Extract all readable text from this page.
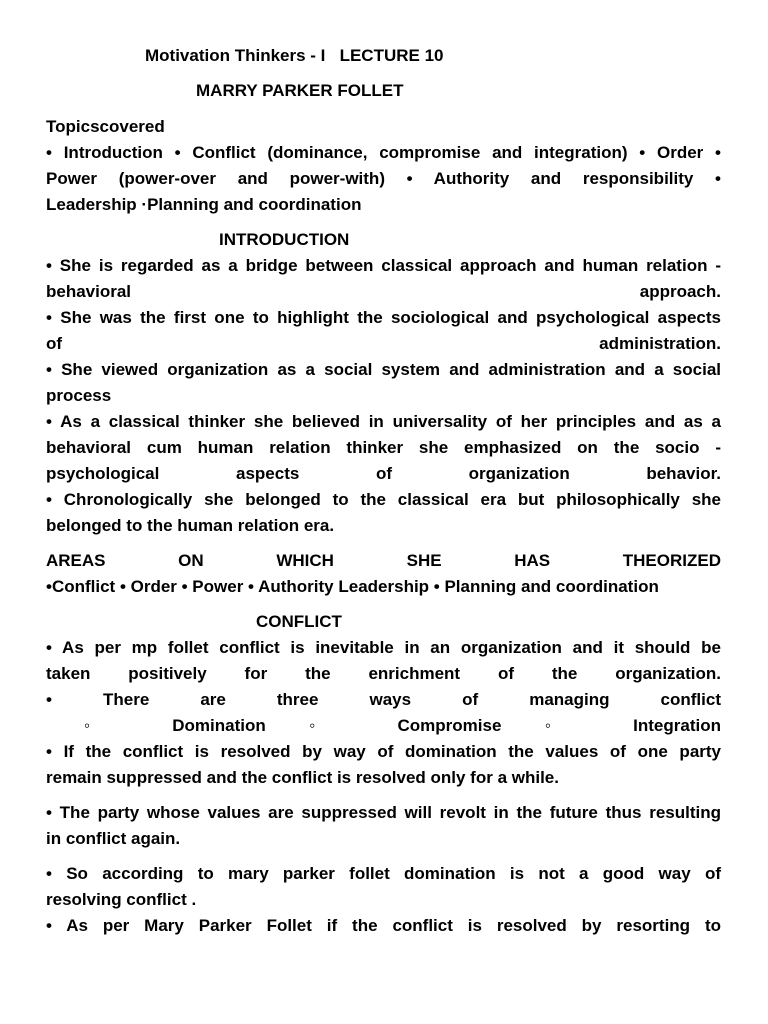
Motivation Thinkers - I   LECTURE 10
MARRY PARKER FOLLET

Topicscovered

• Introduction • Conflict (dominance, compromise and integration) • Order •

Power (power-over and power-with) • Authority and responsibility •

Leadership ·Planning and coordination

INTRODUCTION

• She is regarded as a bridge between classical approach and human relation -

behavioral approach.

• She was the first one to highlight the sociological and psychological aspects

of administration.

• She viewed organization as a social system and administration and a social

process

• As a classical thinker she believed in universality of her principles and as a

behavioral cum human relation thinker she emphasized on the socio -

psychological aspects of organization behavior.

• Chronologically she belonged to the classical era but philosophically she

belonged to the human relation era.

AREAS ON WHICH SHE HAS THEORIZED

•Conflict • Order • Power • Authority Leadership • Planning and coordination

CONFLICT

• As per mp follet conflict is inevitable in an organization and it should be

taken positively for the enrichment of the organization.

• There are three ways of managing conflict

◦ Domination ◦ Compromise ◦ Integration

• If the conflict is resolved by way of domination the values of one party

remain suppressed and the conflict is resolved only for a while.

• The party whose values are suppressed will revolt in the future thus resulting

in conflict again.

• So according to mary parker follet domination is not a good way of

resolving conflict .

• As per Mary Parker Follet if the conflict is resolved by resorting to
